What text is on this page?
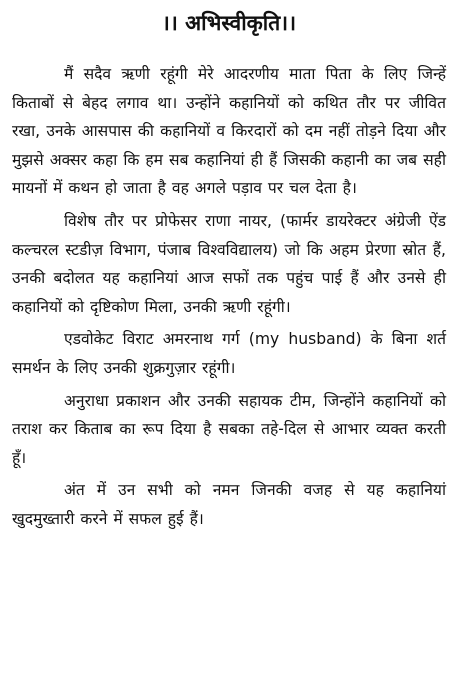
।। अभिस्वीकृति।।

मैं सदैव ऋणी रहूंगी मेरे आदरणीय माता पिता के लिए जिन्हें किताबों से बेहद लगाव था। उन्होंने कहानियों को कथित तौर पर जीवित रखा, उनके आसपास की कहानियों व किरदारों को दम नहीं तोड़ने दिया और मुझसे अक्सर कहा कि हम सब कहानियां ही हैं जिसकी कहानी का जब सही मायनों में कथन हो जाता है वह अगले पड़ाव पर चल देता है।

विशेष तौर पर प्रोफेसर राणा नायर, (फार्मर डायरेक्टर अंग्रेजी ऐंड कल्चरल स्टडीज़ विभाग, पंजाब विश्वविद्यालय) जो कि अहम प्रेरणा स्रोत हैं, उनकी बदोलत यह कहानियां आज सफों तक पहुंच पाई हैं और उनसे ही कहानियों को दृष्टिकोण मिला, उनकी ऋणी रहूंगी।

एडवोकेट विराट अमरनाथ गर्ग (my husband) के बिना शर्त समर्थन के लिए उनकी शुक्रगुज़ार रहूंगी।

अनुराधा प्रकाशन और उनकी सहायक टीम, जिन्होंने कहानियों को तराश कर किताब का रूप दिया है सबका तहे-दिल से आभार व्यक्त करती हूँ।

अंत में उन सभी को नमन जिनकी वजह से यह कहानियां खुदमुख्तारी करने में सफल हुई हैं।
